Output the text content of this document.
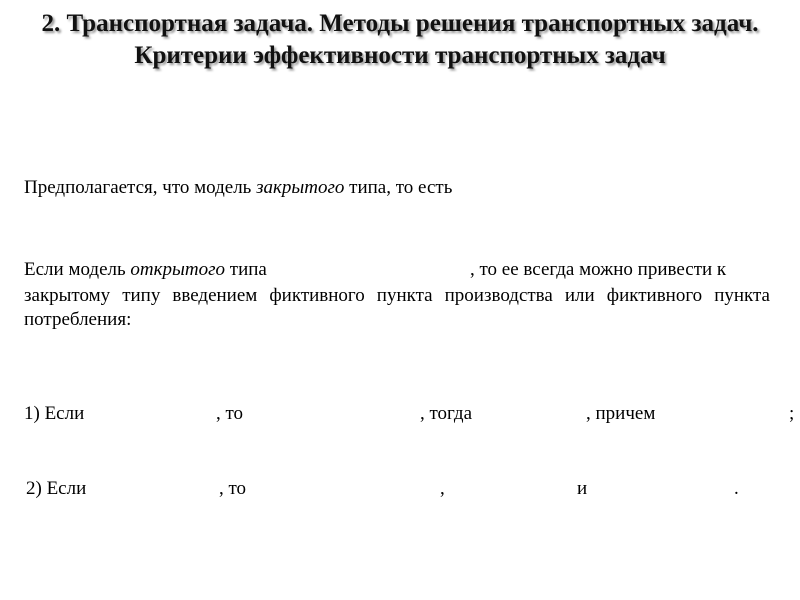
2. Транспортная задача. Методы решения транспортных задач. Критерии эффективности транспортных задач
Предполагается, что модель закрытого типа, то есть
Если модель открытого типа	, то ее всегда можно привести к
закрытому типу введением фиктивного пункта производства или фиктивного пункта потребления:
1) Если	, то	, тогда	, причем	;
2) Если	, то	,	и	.
